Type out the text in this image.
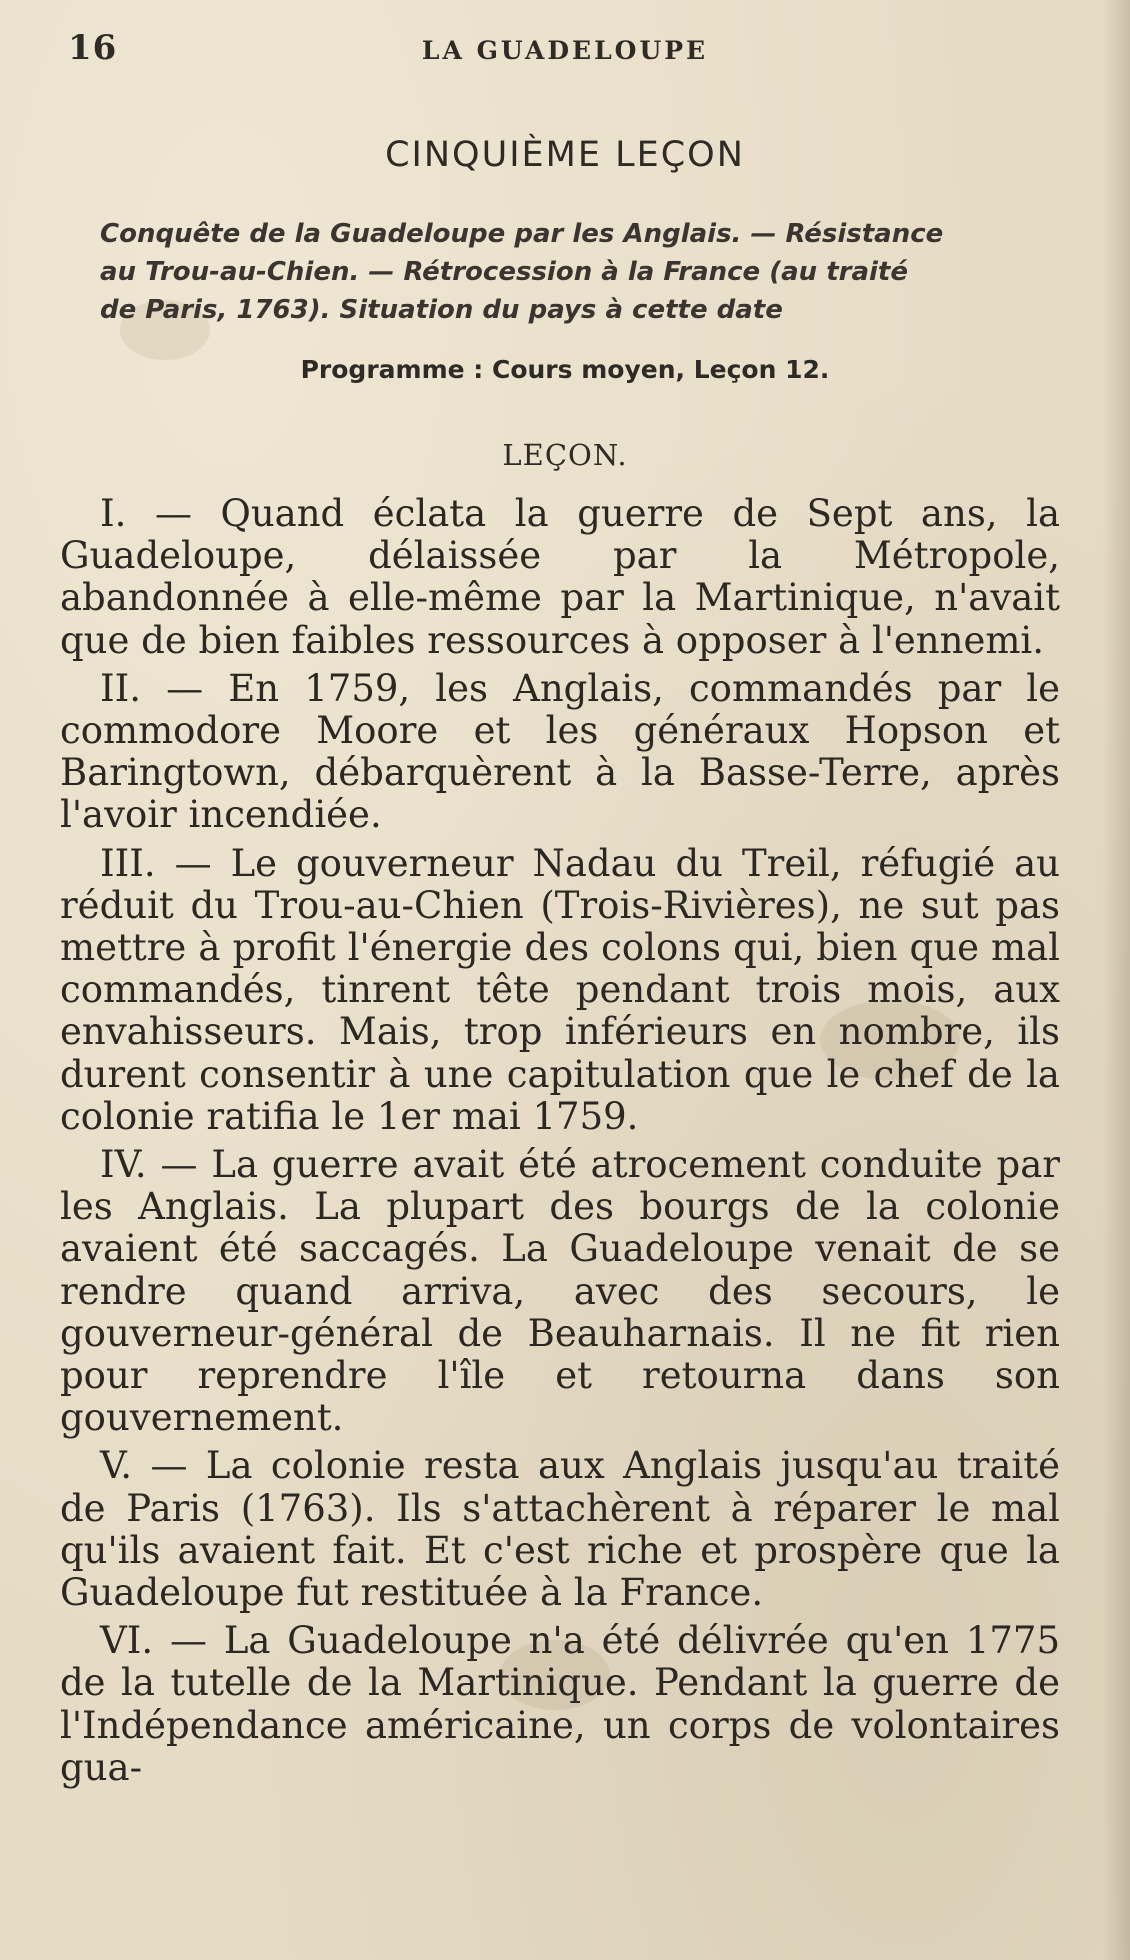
16	LA GUADELOUPE
CINQUIÈME LEÇON
Conquête de la Guadeloupe par les Anglais. — Résistance
au Trou-au-Chien. — Rétrocession à la France (au traité
de Paris, 1763). Situation du pays à cette date
Programme : Cours moyen, Leçon 12.
LEÇON.

I. — Quand éclata la guerre de Sept ans, la Guadeloupe, délaissée par la Métropole, abandonnée à elle-même par la Martinique, n'avait que de bien faibles ressources à opposer à l'ennemi.

II. — En 1759, les Anglais, commandés par le commodore Moore et les généraux Hopson et Baringtown, débarquèrent à la Basse-Terre, après l'avoir incendiée.

III. — Le gouverneur Nadau du Treil, réfugié au réduit du Trou-au-Chien (Trois-Rivières), ne sut pas mettre à profit l'énergie des colons qui, bien que mal commandés, tinrent tête pendant trois mois, aux envahisseurs. Mais, trop inférieurs en nombre, ils durent consentir à une capitulation que le chef de la colonie ratifia le 1er mai 1759.

IV. — La guerre avait été atrocement conduite par les Anglais. La plupart des bourgs de la colonie avaient été saccagés. La Guadeloupe venait de se rendre quand arriva, avec des secours, le gouverneur-général de Beauharnais. Il ne fit rien pour reprendre l'île et retourna dans son gouvernement.

V. — La colonie resta aux Anglais jusqu'au traité de Paris (1763). Ils s'attachèrent à réparer le mal qu'ils avaient fait. Et c'est riche et prospère que la Guadeloupe fut restituée à la France.

VI. — La Guadeloupe n'a été délivrée qu'en 1775 de la tutelle de la Martinique. Pendant la guerre de l'Indépendance américaine, un corps de volontaires gua-
